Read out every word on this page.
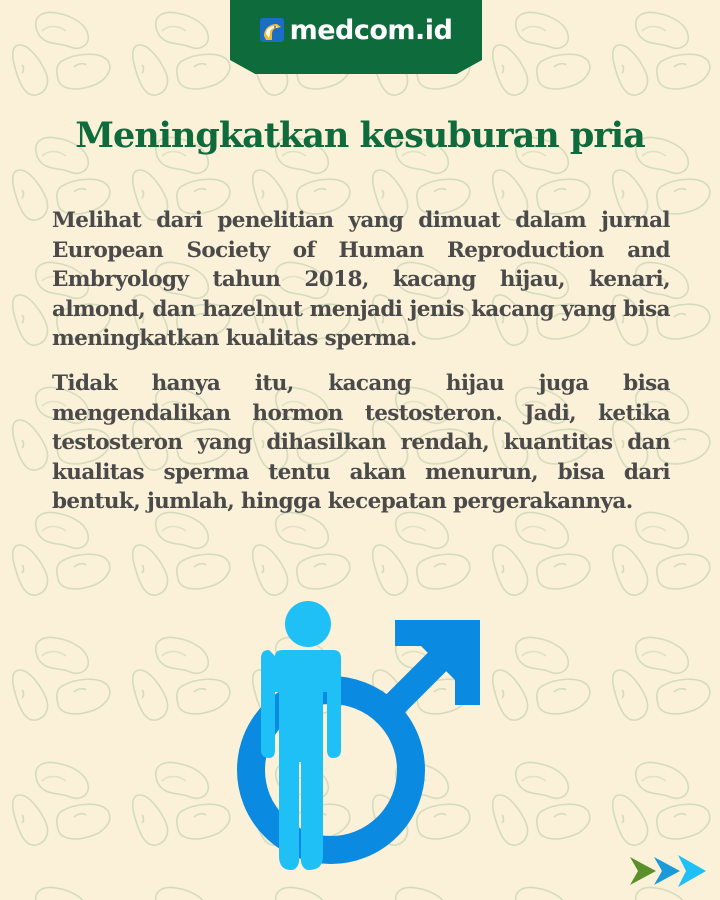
medcom.id
Meningkatkan kesuburan pria

Melihat dari penelitian yang dimuat dalam jurnal European Society of Human Reproduction and Embryology tahun 2018, kacang hijau, kenari, almond, dan hazelnut menjadi jenis kacang yang bisa meningkatkan kualitas sperma.

Tidak hanya itu, kacang hijau juga bisa mengendalikan hormon testosteron. Jadi, ketika testosteron yang dihasilkan rendah, kuantitas dan kualitas sperma tentu akan menurun, bisa dari bentuk, jumlah, hingga kecepatan pergerakannya.
